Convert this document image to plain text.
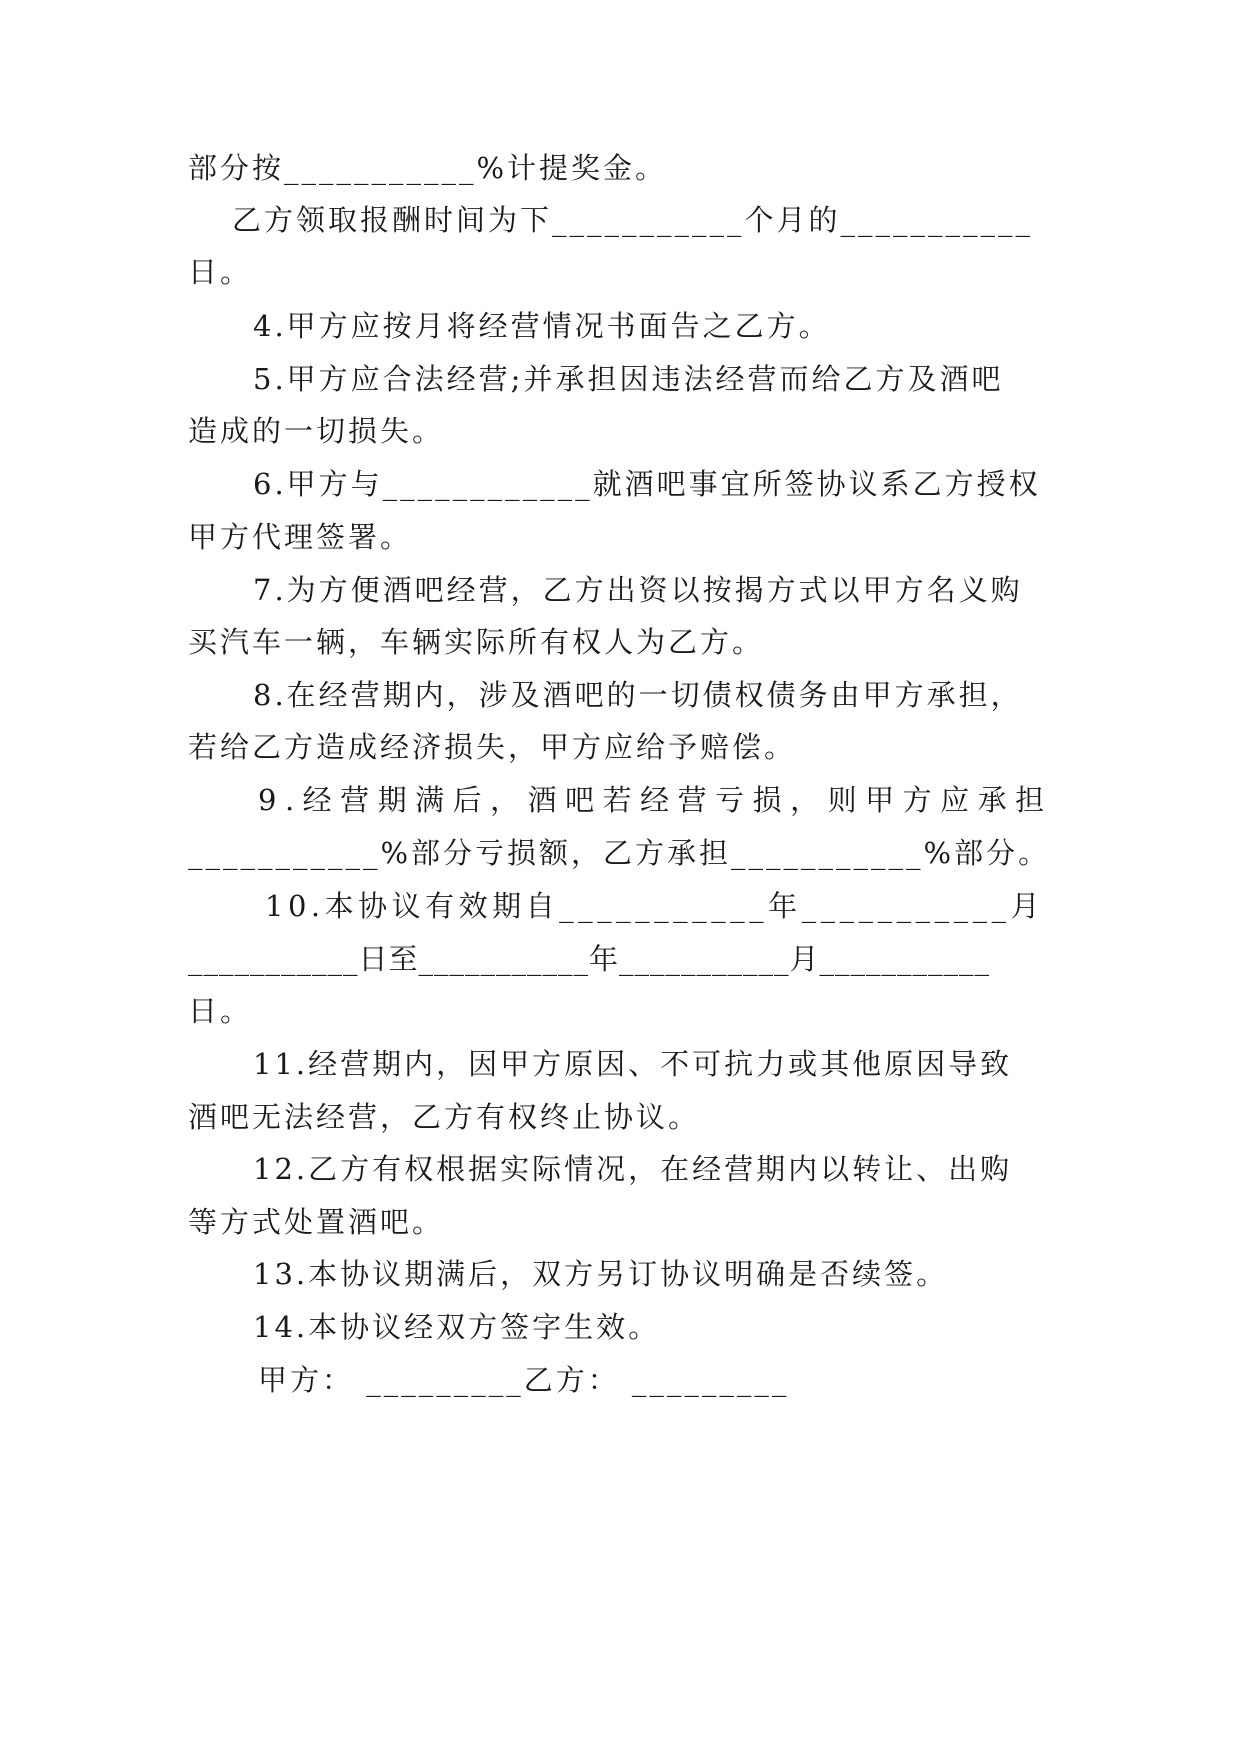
部分按___________%计提奖金。
乙方领取报酬时间为下___________个月的___________
日。
4.甲方应按月将经营情况书面告之乙方。
5.甲方应合法经营;并承担因违法经营而给乙方及酒吧
造成的一切损失。
6.甲方与____________就酒吧事宜所签协议系乙方授权
甲方代理签署。
7.为方便酒吧经营，乙方出资以按揭方式以甲方名义购
买汽车一辆，车辆实际所有权人为乙方。
8.在经营期内，涉及酒吧的一切债权债务由甲方承担，
若给乙方造成经济损失，甲方应给予赔偿。
9.经营期满后，酒吧若经营亏损，则甲方应承担
___________%部分亏损额，乙方承担___________%部分。
10.本协议有效期自___________年___________月
___________日至___________年___________月___________
日。
11.经营期内，因甲方原因、不可抗力或其他原因导致
酒吧无法经营，乙方有权终止协议。
12.乙方有权根据实际情况，在经营期内以转让、出购
等方式处置酒吧。
13.本协议期满后，双方另订协议明确是否续签。
14.本协议经双方签字生效。
甲方： _________乙方： _________
